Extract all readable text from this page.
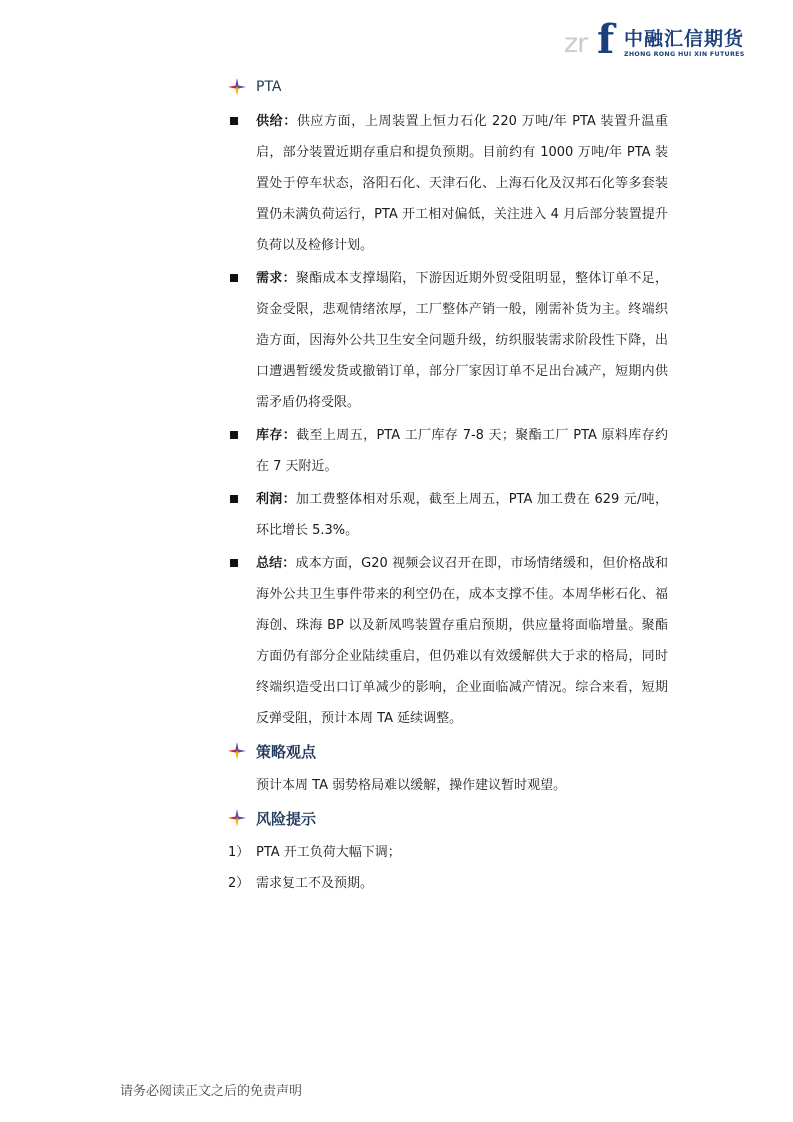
zr f 中融汇信期货
ZHONG RONG HUI XIN FUTURES
PTA
供给：供应方面，上周装置上恒力石化 220 万吨/年 PTA 装置升温重启，部分装置近期存重启和提负预期。目前约有 1000 万吨/年 PTA 装置处于停车状态，洛阳石化、天津石化、上海石化及汉邦石化等多套装置仍未满负荷运行，PTA 开工相对偏低，关注进入 4 月后部分装置提升负荷以及检修计划。
需求：聚酯成本支撑塌陷，下游因近期外贸受阻明显，整体订单不足，资金受限，悲观情绪浓厚，工厂整体产销一般，刚需补货为主。终端织造方面，因海外公共卫生安全问题升级，纺织服装需求阶段性下降，出口遭遇暂缓发货或撤销订单，部分厂家因订单不足出台减产，短期内供需矛盾仍将受限。
库存：截至上周五，PTA 工厂库存 7-8 天；聚酯工厂 PTA 原料库存约在 7 天附近。
利润：加工费整体相对乐观，截至上周五，PTA 加工费在 629 元/吨，环比增长 5.3%。
总结：成本方面，G20 视频会议召开在即，市场情绪缓和，但价格战和海外公共卫生事件带来的利空仍在，成本支撑不佳。本周华彬石化、福海创、珠海 BP 以及新凤鸣装置存重启预期，供应量将面临增量。聚酯方面仍有部分企业陆续重启，但仍难以有效缓解供大于求的格局，同时终端织造受出口订单减少的影响，企业面临减产情况。综合来看，短期反弹受阻，预计本周 TA 延续调整。
策略观点
预计本周 TA 弱势格局难以缓解，操作建议暂时观望。
风险提示
1） PTA 开工负荷大幅下调；
2） 需求复工不及预期。
请务必阅读正文之后的免责声明
